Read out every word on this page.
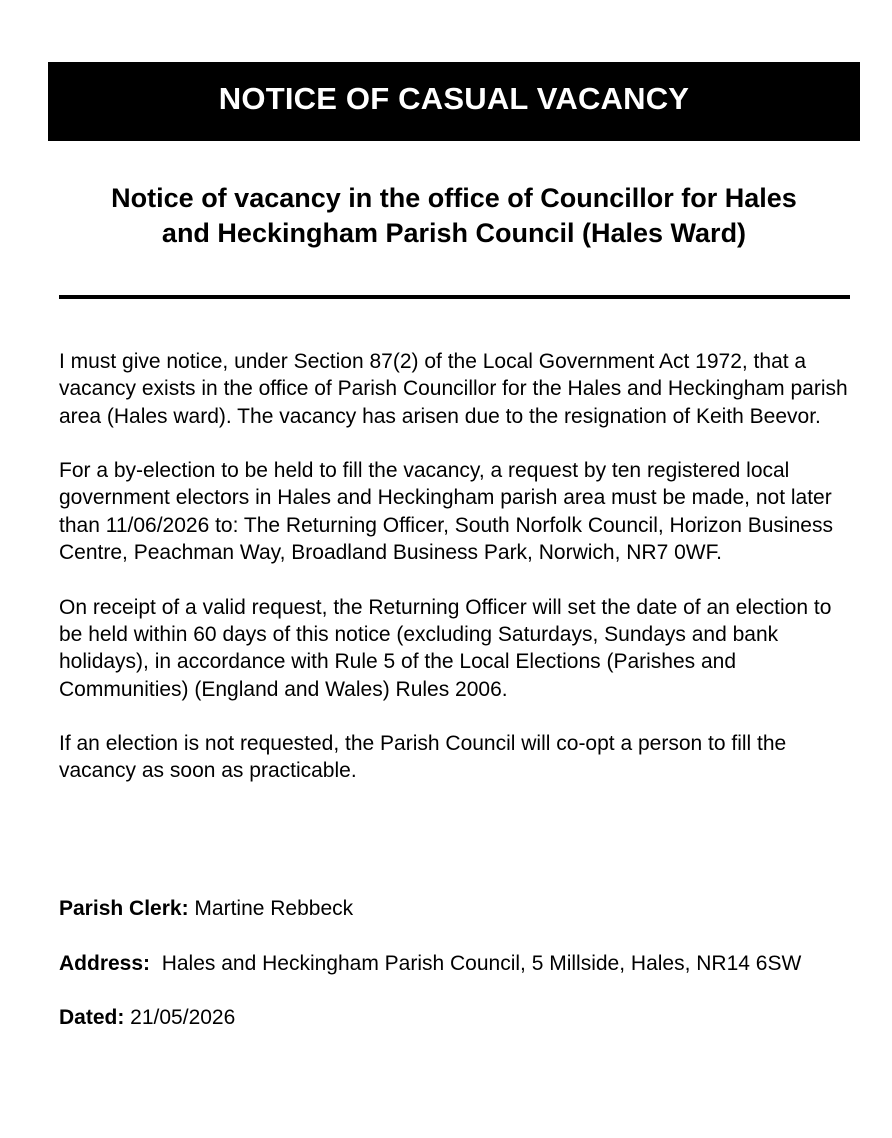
NOTICE OF CASUAL VACANCY
Notice of vacancy in the office of Councillor for Hales
and Heckingham Parish Council (Hales Ward)

I must give notice, under Section 87(2) of the Local Government Act 1972, that a vacancy exists in the office of Parish Councillor for the Hales and Heckingham parish area (Hales ward). The vacancy has arisen due to the resignation of Keith Beevor.

For a by-election to be held to fill the vacancy, a request by ten registered local government electors in Hales and Heckingham parish area must be made, not later than 11/06/2026 to: The Returning Officer, South Norfolk Council, Horizon Business Centre, Peachman Way, Broadland Business Park, Norwich, NR7 0WF.

On receipt of a valid request, the Returning Officer will set the date of an election to be held within 60 days of this notice (excluding Saturdays, Sundays and bank holidays), in accordance with Rule 5 of the Local Elections (Parishes and Communities) (England and Wales) Rules 2006.

If an election is not requested, the Parish Council will co-opt a person to fill the vacancy as soon as practicable.

Parish Clerk: Martine Rebbeck

Address:  Hales and Heckingham Parish Council, 5 Millside, Hales, NR14 6SW

Dated: 21/05/2026
